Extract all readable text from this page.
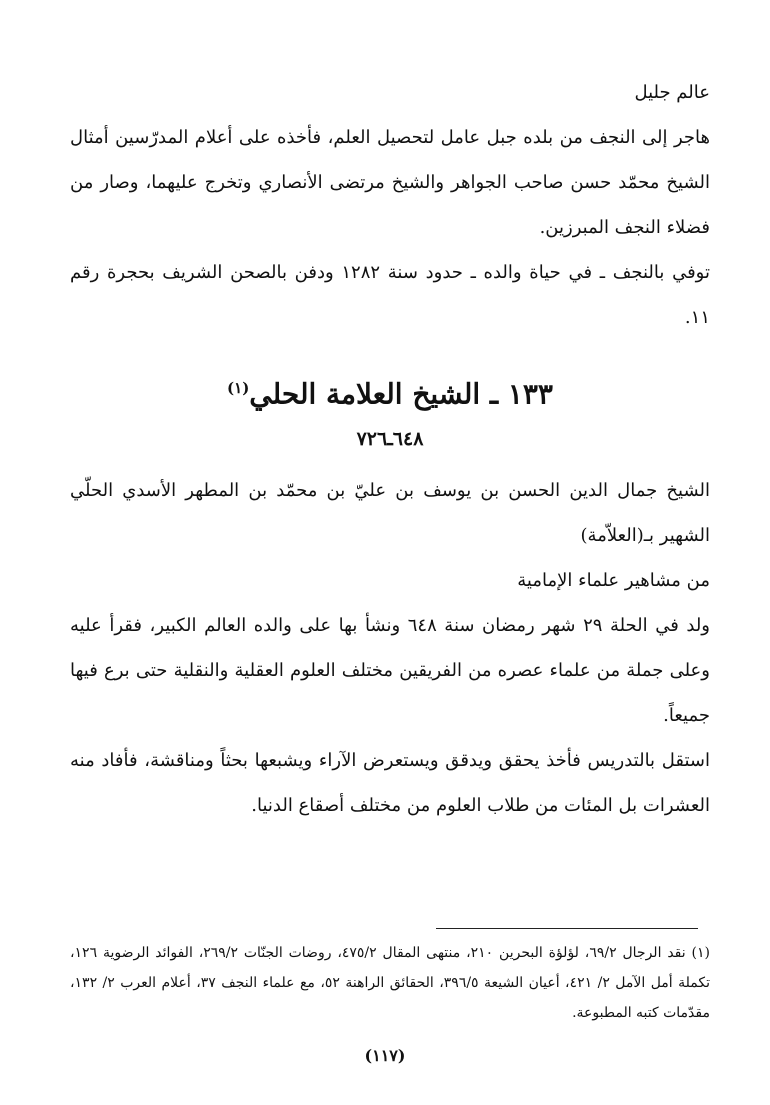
عالم جليل

هاجر إلى النجف من بلده جبل عامل لتحصيل العلم، فأخذه على أعلام المدرّسين أمثال الشيخ محمّد حسن صاحب الجواهر والشيخ مرتضى الأنصاري وتخرج عليهما، وصار من فضلاء النجف المبرزين.

توفي بالنجف ـ في حياة والده ـ حدود سنة ١٢٨٢ ودفن بالصحن الشريف بحجرة رقم ١١.

١٣٣ ـ الشيخ العلامة الحلي$^{(١)}$
٦٤٨ـ٧٢٦

الشيخ جمال الدين الحسن بن يوسف بن عليّ بن محمّد بن المطهر الأسدي الحلّي الشهير بـ(العلاّمة)

من مشاهير علماء الإمامية

ولد في الحلة ٢٩ شهر رمضان سنة ٦٤٨ ونشأ بها على والده العالم الكبير، فقرأ عليه وعلى جملة من علماء عصره من الفريقين مختلف العلوم العقلية والنقلية حتى برع فيها جميعاً.

استقل بالتدريس فأخذ يحقق ويدقق ويستعرض الآراء ويشبعها بحثاً ومناقشة، فأفاد منه العشرات بل المئات من طلاب العلوم من مختلف أصقاع الدنيا.

(١) نقد الرجال ٦٩/٢، لؤلؤة البحرين ٢١٠، منتهى المقال ٤٧٥/٢، روضات الجنّات ٢٦٩/٢، الفوائد الرضوية ١٢٦، تكملة أمل الآمل ٢/ ٤٢١، أعيان الشيعة ٣٩٦/٥، الحقائق الراهنة ٥٢، مع علماء النجف ٣٧، أعلام العرب ٢/ ١٣٢، مقدّمات كتبه المطبوعة.
(١١٧)
